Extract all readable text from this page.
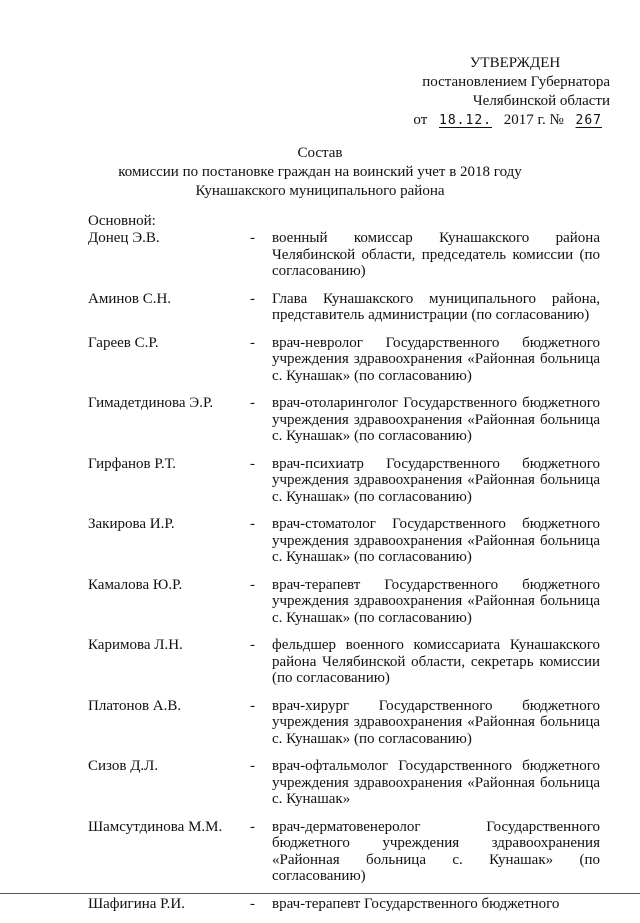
УТВЕРЖДЕН
постановлением Губернатора
Челябинской области
от 18.12. 2017 г. № 267
Состав
комиссии по постановке граждан на воинский учет в 2018 году
Кунашакского муниципального района
Основной:
Донец Э.В.	-	военный комиссар Кунашакского района Челябинской области, председатель комиссии (по согласованию)
Аминов С.Н.	-	Глава Кунашакского муниципального района, представитель администрации (по согласованию)
Гареев С.Р.	-	врач-невролог Государственного бюджетного учреждения здравоохранения «Районная больница с. Кунашак» (по согласованию)
Гимадетдинова Э.Р.	-	врач-отоларинголог Государственного бюджетного учреждения здравоохранения «Районная больница с. Кунашак» (по согласованию)
Гирфанов Р.Т.	-	врач-психиатр Государственного бюджетного учреждения здравоохранения «Районная больница с. Кунашак» (по согласованию)
Закирова И.Р.	-	врач-стоматолог Государственного бюджетного учреждения здравоохранения «Районная больница с. Кунашак» (по согласованию)
Камалова Ю.Р.	-	врач-терапевт Государственного бюджетного учреждения здравоохранения «Районная больница с. Кунашак» (по согласованию)
Каримова Л.Н.	-	фельдшер военного комиссариата Кунашакского района Челябинской области, секретарь комиссии (по согласованию)
Платонов А.В.	-	врач-хирург Государственного бюджетного учреждения здравоохранения «Районная больница с. Кунашак» (по согласованию)
Сизов Д.Л.	-	врач-офтальмолог Государственного бюджетного учреждения здравоохранения «Районная больница с. Кунашак»
Шамсутдинова М.М.	-	врач-дерматовенеролог Государственного бюджетного учреждения здравоохранения «Районная больница с. Кунашак» (по согласованию)
Шафигина Р.И.	-	врач-терапевт Государственного бюджетного
